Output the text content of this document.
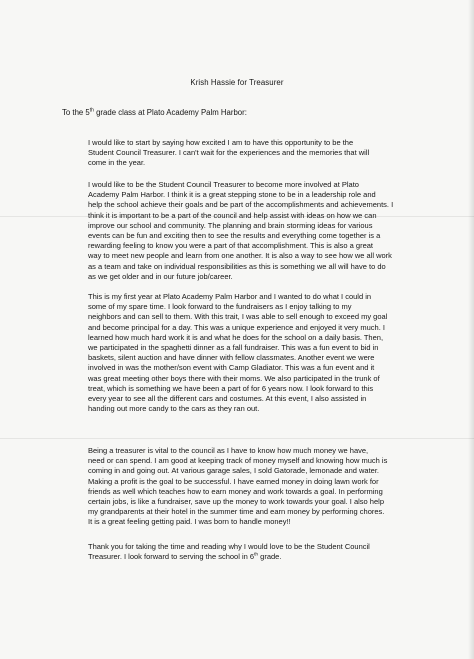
Krish Hassie for Treasurer
To the 5th grade class at Plato Academy Palm Harbor:
I would like to start by saying how excited I am to have this opportunity to be the
Student Council Treasurer. I can't wait for the experiences and the memories that will
come in the year.
I would like to be the Student Council Treasurer to become more involved at Plato
Academy Palm Harbor. I think it is a great stepping stone to be in a leadership role and
help the school achieve their goals and be part of the accomplishments and achievements. I
think it is important to be a part of the council and help assist with ideas on how we can
improve our school and community. The planning and brain storming ideas for various
events can be fun and exciting then to see the results and everything come together is a
rewarding feeling to know you were a part of that accomplishment. This is also a great
way to meet new people and learn from one another. It is also a way to see how we all work
as a team and take on individual responsibilities as this is something we all will have to do
as we get older and in our future job/career.
This is my first year at Plato Academy Palm Harbor and I wanted to do what I could in
some of my spare time. I look forward to the fundraisers as I enjoy talking to my
neighbors and can sell to them. With this trait, I was able to sell enough to exceed my goal
and become principal for a day. This was a unique experience and enjoyed it very much. I
learned how much hard work it is and what he does for the school on a daily basis. Then,
we participated in the spaghetti dinner as a fall fundraiser. This was a fun event to bid in
baskets, silent auction and have dinner with fellow classmates. Another event we were
involved in was the mother/son event with Camp Gladiator. This was a fun event and it
was great meeting other boys there with their moms. We also participated in the trunk of
treat, which is something we have been a part of for 6 years now. I look forward to this
every year to see all the different cars and costumes. At this event, I also assisted in
handing out more candy to the cars as they ran out.
Being a treasurer is vital to the council as I have to know how much money we have,
need or can spend. I am good at keeping track of money myself and knowing how much is
coming in and going out. At various garage sales, I sold Gatorade, lemonade and water.
Making a profit is the goal to be successful. I have earned money in doing lawn work for
friends as well which teaches how to earn money and work towards a goal. In performing
certain jobs, is like a fundraiser, save up the money to work towards your goal. I also help
my grandparents at their hotel in the summer time and earn money by performing chores.
It is a great feeling getting paid. I was born to handle money!!
Thank you for taking the time and reading why I would love to be the Student Council
Treasurer. I look forward to serving the school in 6th grade.
